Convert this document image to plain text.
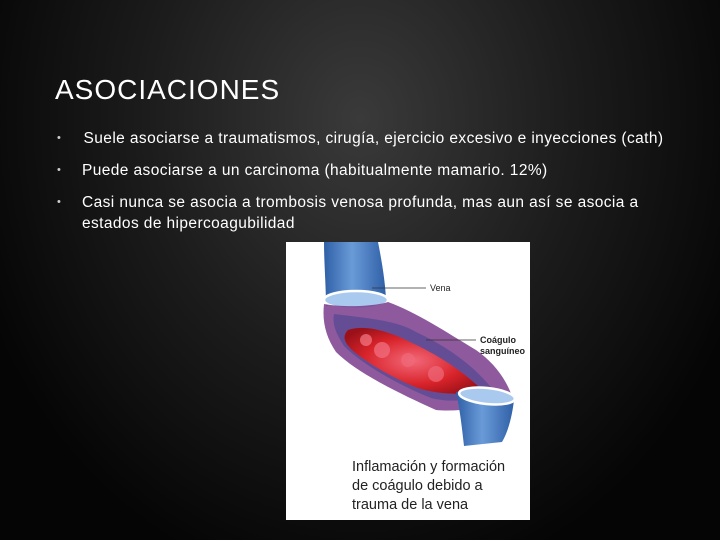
ASOCIACIONES
• Suele asociarse a traumatismos, cirugía, ejercicio excesivo e inyecciones (cath)
• Puede asociarse a un carcinoma (habitualmente mamario. 12%)
• Casi nunca se asocia a trombosis venosa profunda, mas aun así se asocia a estados de hipercoagubilidad
Vena
Coágulo
sanguíneo

Inflamación y formación
de coágulo debido a
trauma de la vena
